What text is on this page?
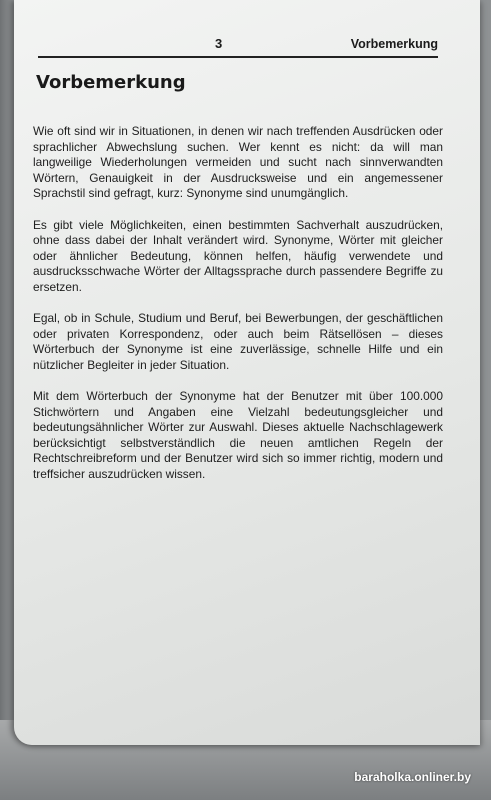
3	Vorbemerkung
Vorbemerkung

Wie oft sind wir in Situationen, in denen wir nach treffenden Ausdrücken oder sprachlicher Abwechslung suchen. Wer kennt es nicht: da will man langweilige Wiederholungen vermeiden und sucht nach sinnverwandten Wörtern, Genauigkeit in der Ausdrucksweise und ein angemessener Sprachstil sind gefragt, kurz: Synonyme sind unumgänglich.

Es gibt viele Möglichkeiten, einen bestimmten Sachverhalt auszudrücken, ohne dass dabei der Inhalt verändert wird. Synonyme, Wörter mit gleicher oder ähnlicher Bedeutung, können helfen, häufig verwendete und ausdrucksschwache Wörter der Alltagssprache durch passendere Begriffe zu ersetzen.

Egal, ob in Schule, Studium und Beruf, bei Bewerbungen, der geschäftlichen oder privaten Korrespondenz, oder auch beim Rätsellösen – dieses Wörterbuch der Synonyme ist eine zuverlässige, schnelle Hilfe und ein nützlicher Begleiter in jeder Situation.

Mit dem Wörterbuch der Synonyme hat der Benutzer mit über 100.000 Stichwörtern und Angaben eine Vielzahl bedeutungsgleicher und bedeutungsähnlicher Wörter zur Auswahl. Dieses aktuelle Nachschlagewerk berücksichtigt selbstverständlich die neuen amtlichen Regeln der Rechtschreibreform und der Benutzer wird sich so immer richtig, modern und treffsicher auszudrücken wissen.

baraholka.onliner.by
